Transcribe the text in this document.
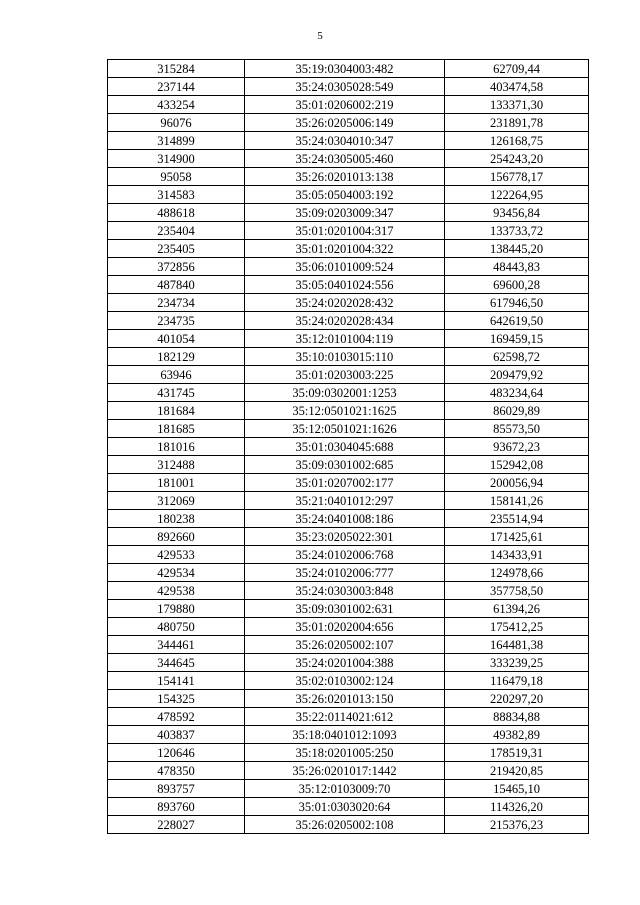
5
315284	35:19:0304003:482	62709,44
237144	35:24:0305028:549	403474,58
433254	35:01:0206002:219	133371,30
96076	35:26:0205006:149	231891,78
314899	35:24:0304010:347	126168,75
314900	35:24:0305005:460	254243,20
95058	35:26:0201013:138	156778,17
314583	35:05:0504003:192	122264,95
488618	35:09:0203009:347	93456,84
235404	35:01:0201004:317	133733,72
235405	35:01:0201004:322	138445,20
372856	35:06:0101009:524	48443,83
487840	35:05:0401024:556	69600,28
234734	35:24:0202028:432	617946,50
234735	35:24:0202028:434	642619,50
401054	35:12:0101004:119	169459,15
182129	35:10:0103015:110	62598,72
63946	35:01:0203003:225	209479,92
431745	35:09:0302001:1253	483234,64
181684	35:12:0501021:1625	86029,89
181685	35:12:0501021:1626	85573,50
181016	35:01:0304045:688	93672,23
312488	35:09:0301002:685	152942,08
181001	35:01:0207002:177	200056,94
312069	35:21:0401012:297	158141,26
180238	35:24:0401008:186	235514,94
892660	35:23:0205022:301	171425,61
429533	35:24:0102006:768	143433,91
429534	35:24:0102006:777	124978,66
429538	35:24:0303003:848	357758,50
179880	35:09:0301002:631	61394,26
480750	35:01:0202004:656	175412,25
344461	35:26:0205002:107	164481,38
344645	35:24:0201004:388	333239,25
154141	35:02:0103002:124	116479,18
154325	35:26:0201013:150	220297,20
478592	35:22:0114021:612	88834,88
403837	35:18:0401012:1093	49382,89
120646	35:18:0201005:250	178519,31
478350	35:26:0201017:1442	219420,85
893757	35:12:0103009:70	15465,10
893760	35:01:0303020:64	114326,20
228027	35:26:0205002:108	215376,23
